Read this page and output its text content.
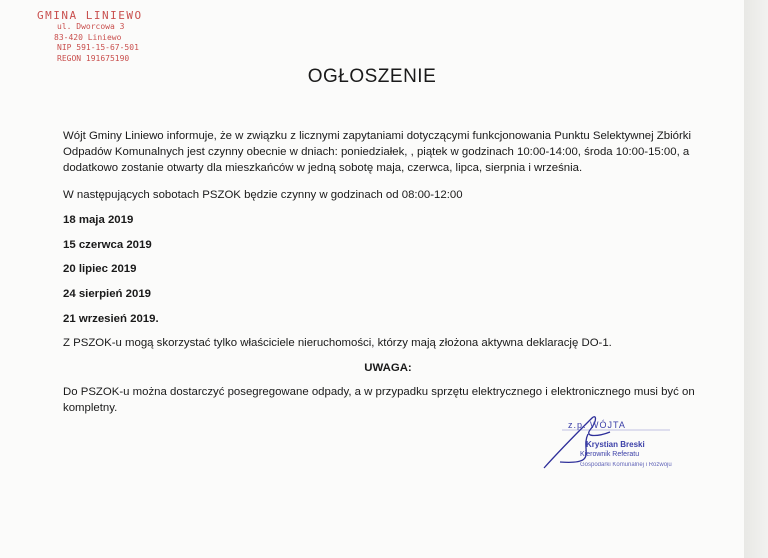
GMINA LINIEWO
ul. Dworcowa 3
83-420 Liniewo
NIP 591-15-67-501
REGON 191675190
OGŁOSZENIE

Wójt Gminy Liniewo informuje, że w związku z licznymi zapytaniami dotyczącymi funkcjonowania Punktu Selektywnej Zbiórki Odpadów Komunalnych jest czynny obecnie w dniach: poniedziałek, , piątek w godzinach 10:00-14:00, środa 10:00-15:00, a dodatkowo zostanie otwarty dla mieszkańców w jedną sobotę maja, czerwca, lipca, sierpnia i września.

W następujących sobotach PSZOK będzie czynny w godzinach od 08:00-12:00

18 maja 2019

15 czerwca 2019

20 lipiec 2019

24 sierpień 2019

21 wrzesień 2019.

Z PSZOK-u mogą skorzystać tylko właściciele nieruchomości, którzy mają złożona aktywna deklarację DO-1.

UWAGA:

Do PSZOK-u można dostarczyć posegregowane odpady, a w przypadku sprzętu elektrycznego i elektronicznego musi być on kompletny.

z.p. WÓJTA
Krystian Breski
Kierownik Referatu
Gospodarki Komunalnej i Rozwoju
